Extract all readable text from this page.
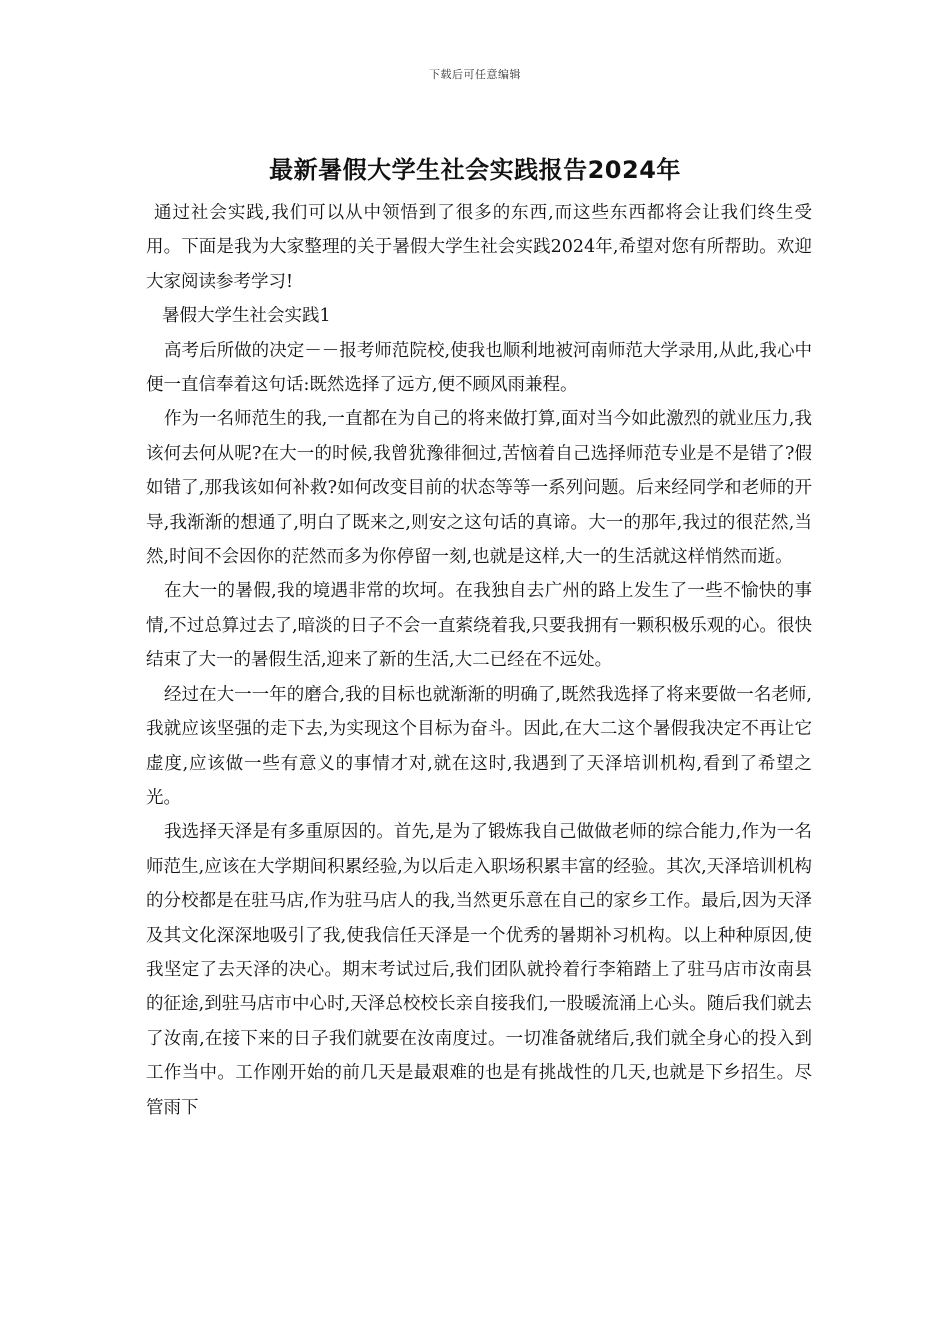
下载后可任意编辑
最新暑假大学生社会实践报告2024年

通过社会实践,我们可以从中领悟到了很多的东西,而这些东西都将会让我们终生受用。下面是我为大家整理的关于暑假大学生社会实践2024年,希望对您有所帮助。欢迎大家阅读参考学习!

暑假大学生社会实践1

高考后所做的决定－－报考师范院校,使我也顺利地被河南师范大学录用,从此,我心中便一直信奉着这句话:既然选择了远方,便不顾风雨兼程。

作为一名师范生的我,一直都在为自己的将来做打算,面对当今如此激烈的就业压力,我该何去何从呢?在大一的时候,我曾犹豫徘徊过,苦恼着自己选择师范专业是不是错了?假如错了,那我该如何补救?如何改变目前的状态等等一系列问题。后来经同学和老师的开导,我渐渐的想通了,明白了既来之,则安之这句话的真谛。大一的那年,我过的很茫然,当然,时间不会因你的茫然而多为你停留一刻,也就是这样,大一的生活就这样悄然而逝。

在大一的暑假,我的境遇非常的坎坷。在我独自去广州的路上发生了一些不愉快的事情,不过总算过去了,暗淡的日子不会一直萦绕着我,只要我拥有一颗积极乐观的心。很快结束了大一的暑假生活,迎来了新的生活,大二已经在不远处。

经过在大一一年的磨合,我的目标也就渐渐的明确了,既然我选择了将来要做一名老师,我就应该坚强的走下去,为实现这个目标为奋斗。因此,在大二这个暑假我决定不再让它虚度,应该做一些有意义的事情才对,就在这时,我遇到了天泽培训机构,看到了希望之光。

我选择天泽是有多重原因的。首先,是为了锻炼我自己做做老师的综合能力,作为一名师范生,应该在大学期间积累经验,为以后走入职场积累丰富的经验。其次,天泽培训机构的分校都是在驻马店,作为驻马店人的我,当然更乐意在自己的家乡工作。最后,因为天泽及其文化深深地吸引了我,使我信任天泽是一个优秀的暑期补习机构。以上种种原因,使我坚定了去天泽的决心。期末考试过后,我们团队就拎着行李箱踏上了驻马店市汝南县的征途,到驻马店市中心时,天泽总校校长亲自接我们,一股暖流涌上心头。随后我们就去了汝南,在接下来的日子我们就要在汝南度过。一切准备就绪后,我们就全身心的投入到工作当中。工作刚开始的前几天是最艰难的也是有挑战性的几天,也就是下乡招生。尽管雨下
